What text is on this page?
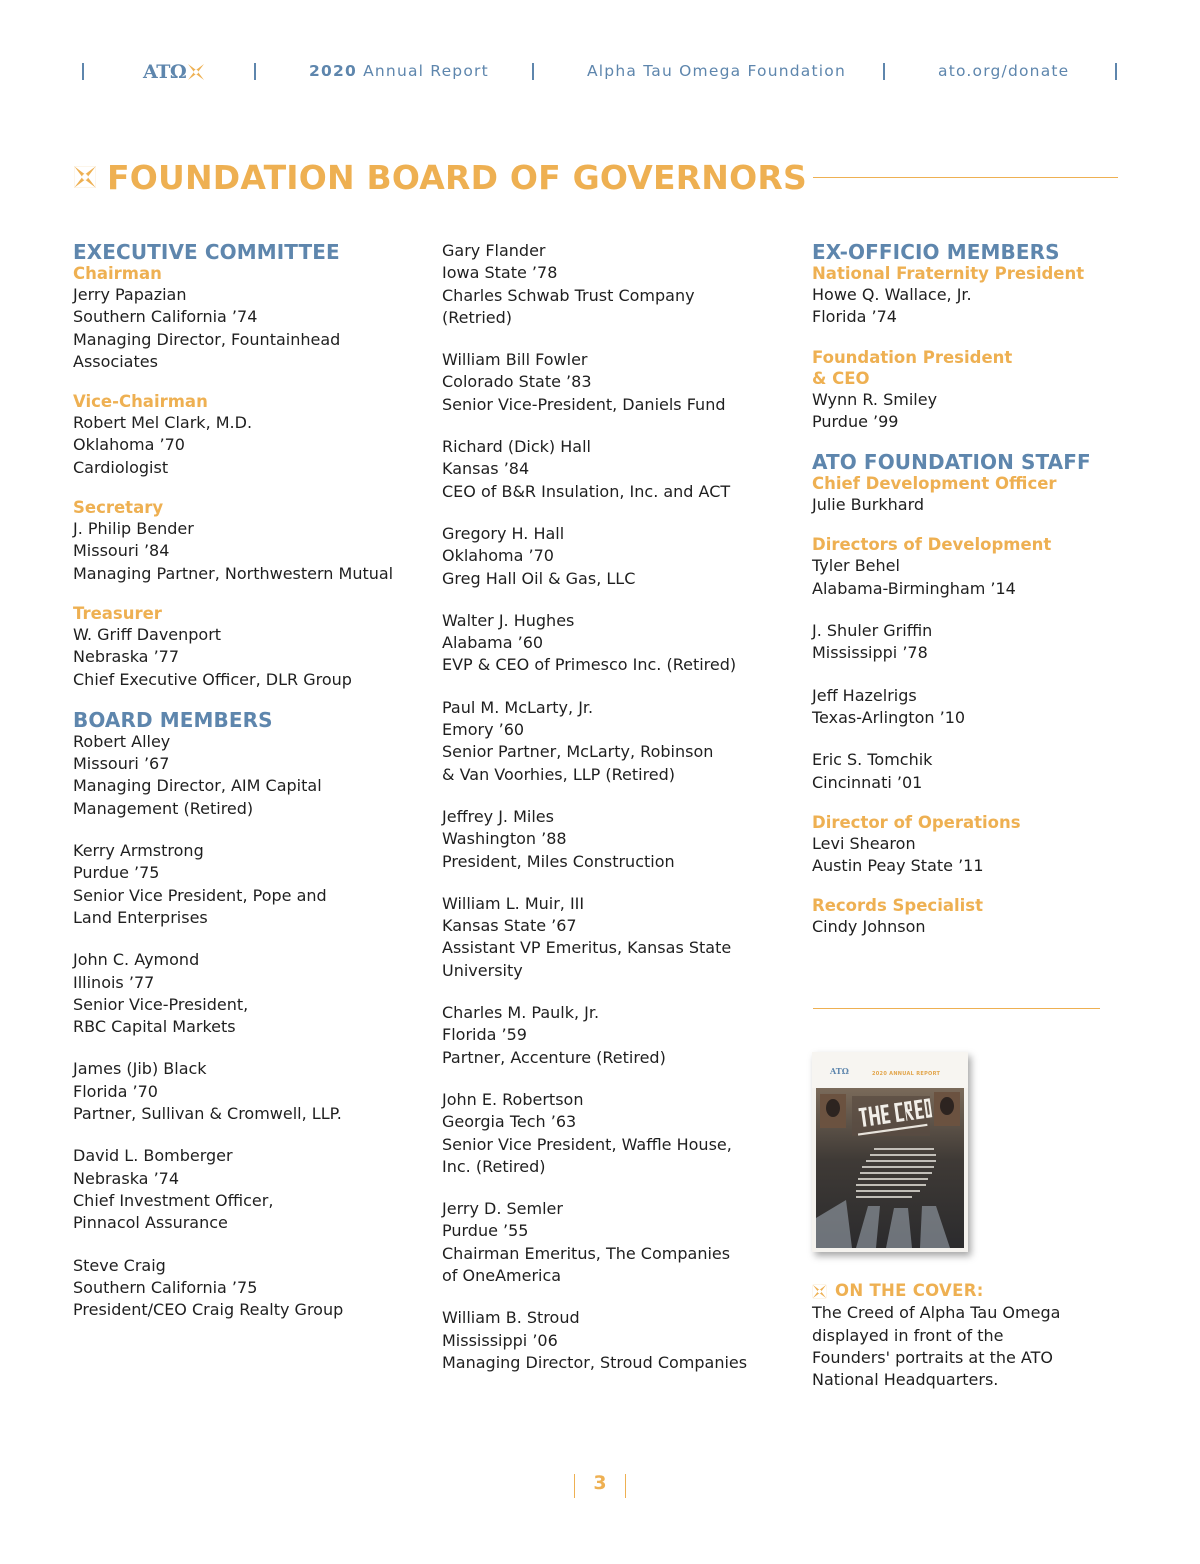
ATΩ	2020 Annual Report	Alpha Tau Omega Foundation	ato.org/donate
FOUNDATION BOARD OF GOVERNORS
EXECUTIVE COMMITTEE
Chairman
Jerry Papazian
Southern California ’74
Managing Director, Fountainhead
Associates
Vice-Chairman
Robert Mel Clark, M.D.
Oklahoma ’70
Cardiologist
Secretary
J. Philip Bender
Missouri ’84
Managing Partner, Northwestern Mutual
Treasurer
W. Griff Davenport
Nebraska ’77
Chief Executive Officer, DLR Group
BOARD MEMBERS
Robert Alley
Missouri ’67
Managing Director, AIM Capital
Management (Retired)
Kerry Armstrong
Purdue ’75
Senior Vice President, Pope and
Land Enterprises
John C. Aymond
Illinois ’77
Senior Vice-President,
RBC Capital Markets
James (Jib) Black
Florida ’70
Partner, Sullivan & Cromwell, LLP.
David L. Bomberger
Nebraska ’74
Chief Investment Officer,
Pinnacol Assurance
Steve Craig
Southern California ’75
President/CEO Craig Realty Group
Gary Flander
Iowa State ’78
Charles Schwab Trust Company
(Retried)
William Bill Fowler
Colorado State ’83
Senior Vice-President, Daniels Fund
Richard (Dick) Hall
Kansas ’84
CEO of B&R Insulation, Inc. and ACT
Gregory H. Hall
Oklahoma ’70
Greg Hall Oil & Gas, LLC
Walter J. Hughes
Alabama ’60
EVP & CEO of Primesco Inc. (Retired)
Paul M. McLarty, Jr.
Emory ’60
Senior Partner, McLarty, Robinson
& Van Voorhies, LLP (Retired)
Jeffrey J. Miles
Washington ’88
President, Miles Construction
William L. Muir, III
Kansas State ’67
Assistant VP Emeritus, Kansas State
University
Charles M. Paulk, Jr.
Florida ’59
Partner, Accenture (Retired)
John E. Robertson
Georgia Tech ’63
Senior Vice President, Waffle House,
Inc. (Retired)
Jerry D. Semler
Purdue ’55
Chairman Emeritus, The Companies
of OneAmerica
William B. Stroud
Mississippi ’06
Managing Director, Stroud Companies
EX-OFFICIO MEMBERS
National Fraternity President
Howe Q. Wallace, Jr.
Florida ’74
Foundation President
& CEO
Wynn R. Smiley
Purdue ’99
ATO FOUNDATION STAFF
Chief Development Officer
Julie Burkhard
Directors of Development
Tyler Behel
Alabama-Birmingham ’14
J. Shuler Griffin
Mississippi ’78
Jeff Hazelrigs
Texas-Arlington ’10
Eric S. Tomchik
Cincinnati ’01
Director of Operations
Levi Shearon
Austin Peay State ’11
Records Specialist
Cindy Johnson
ATΩ	2020 ANNUAL REPORT
ON THE COVER:
The Creed of Alpha Tau Omega
displayed in front of the
Founders' portraits at the ATO
National Headquarters.
3
